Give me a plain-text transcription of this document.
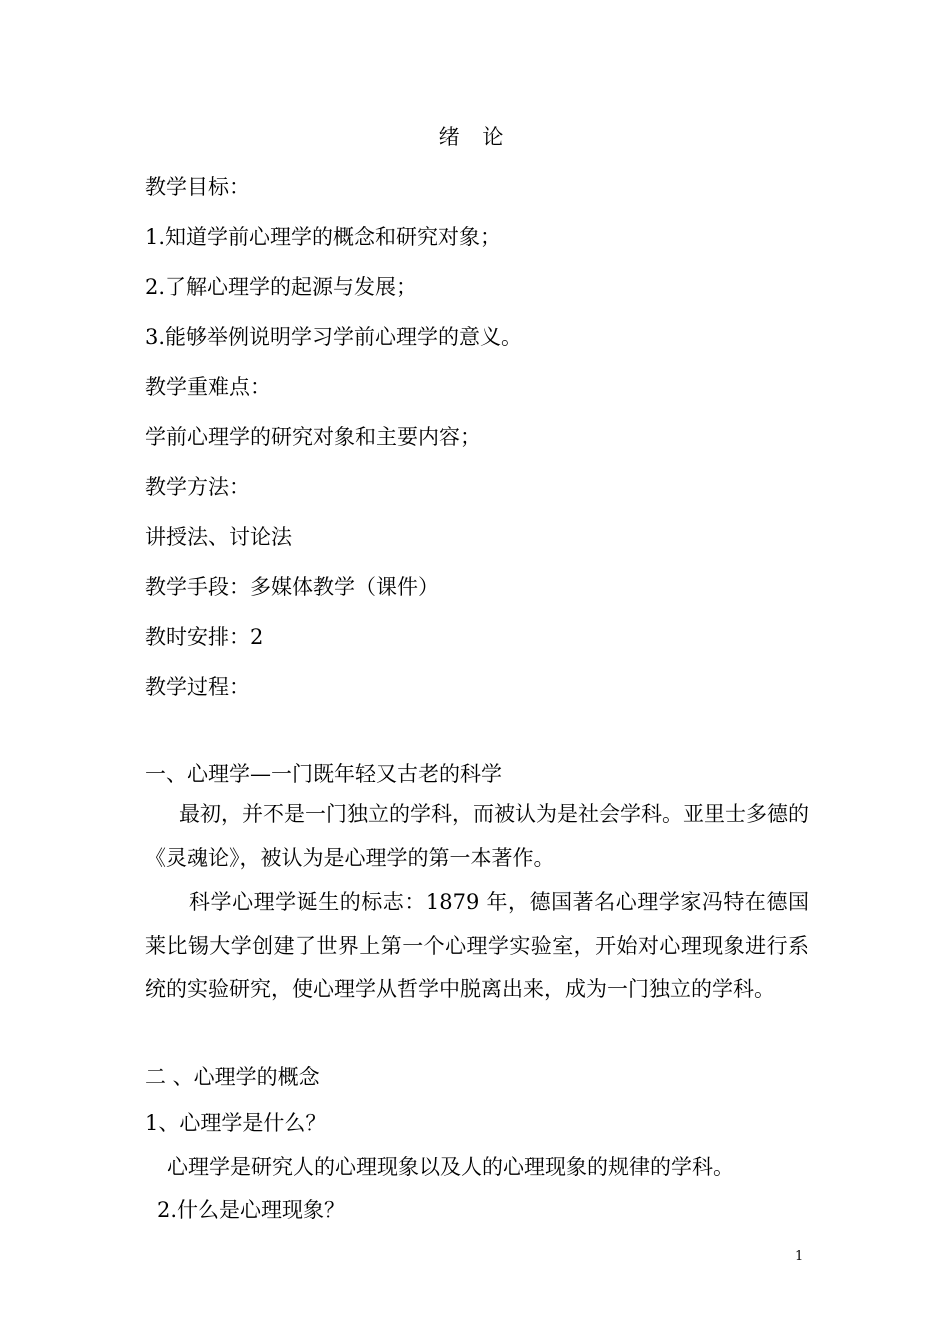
绪 论
教学目标：
1.知道学前心理学的概念和研究对象；
2.了解心理学的起源与发展；
3.能够举例说明学习学前心理学的意义。
教学重难点：
学前心理学的研究对象和主要内容；
教学方法：
讲授法、讨论法
教学手段：多媒体教学（课件）
教时安排：2
教学过程：
一、心理学—一门既年轻又古老的科学
最初，并不是一门独立的学科，而被认为是社会学科。亚里士多德的《灵魂论》，被认为是心理学的第一本著作。
科学心理学诞生的标志：1879 年，德国著名心理学家冯特在德国莱比锡大学创建了世界上第一个心理学实验室，开始对心理现象进行系统的实验研究，使心理学从哲学中脱离出来，成为一门独立的学科。
二 、心理学的概念
1、心理学是什么？
心理学是研究人的心理现象以及人的心理现象的规律的学科。
2.什么是心理现象？
1
